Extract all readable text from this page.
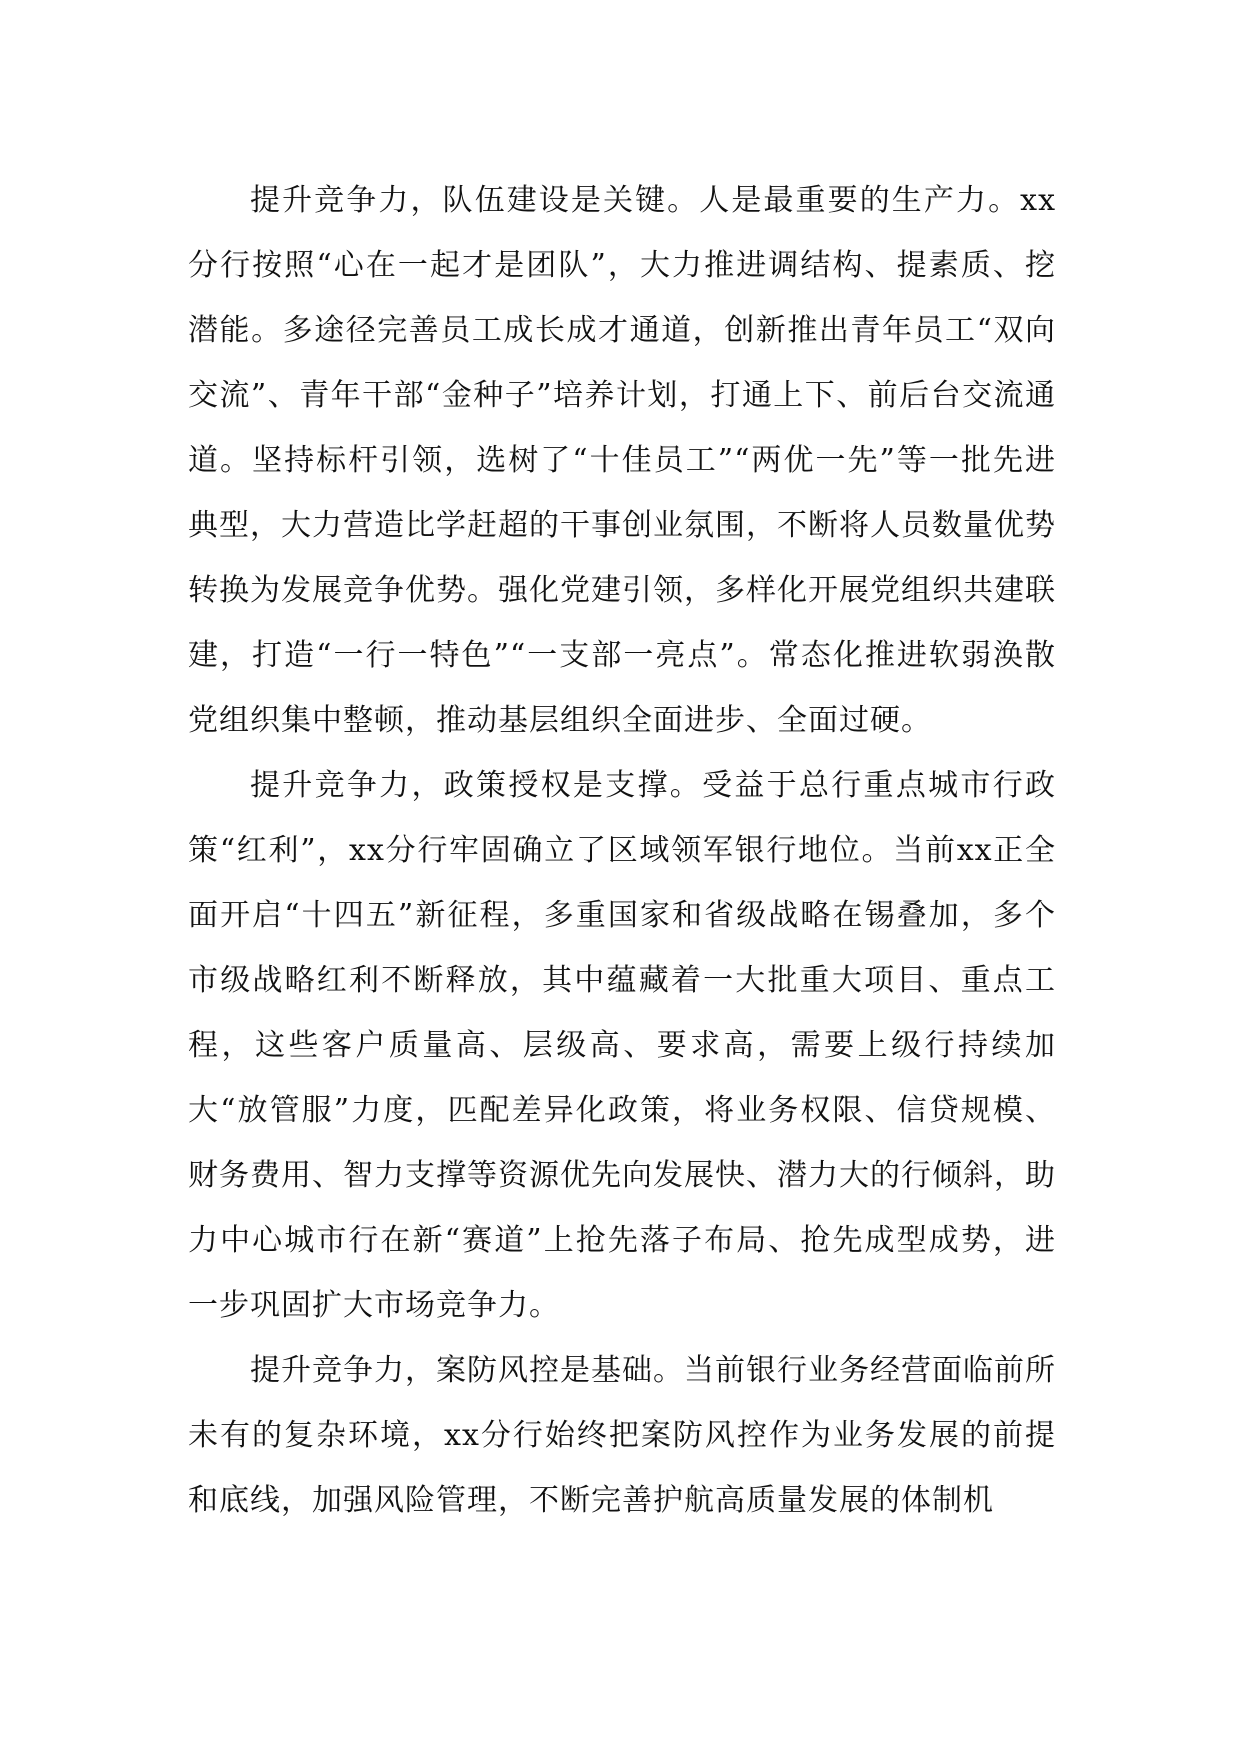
提升竞争力，队伍建设是关键。人是最重要的生产力。xx分行按照“心在一起才是团队”，大力推进调结构、提素质、挖潜能。多途径完善员工成长成才通道，创新推出青年员工“双向交流”、青年干部“金种子”培养计划，打通上下、前后台交流通道。坚持标杆引领，选树了“十佳员工”“两优一先”等一批先进典型，大力营造比学赶超的干事创业氛围，不断将人员数量优势转换为发展竞争优势。强化党建引领，多样化开展党组织共建联建，打造“一行一特色”“一支部一亮点”。常态化推进软弱涣散党组织集中整顿，推动基层组织全面进步、全面过硬。

提升竞争力，政策授权是支撑。受益于总行重点城市行政策“红利”，xx分行牢固确立了区域领军银行地位。当前xx正全面开启“十四五”新征程，多重国家和省级战略在锡叠加，多个市级战略红利不断释放，其中蕴藏着一大批重大项目、重点工程，这些客户质量高、层级高、要求高，需要上级行持续加大“放管服”力度，匹配差异化政策，将业务权限、信贷规模、财务费用、智力支撑等资源优先向发展快、潜力大的行倾斜，助力中心城市行在新“赛道”上抢先落子布局、抢先成型成势，进一步巩固扩大市场竞争力。

提升竞争力，案防风控是基础。当前银行业务经营面临前所未有的复杂环境，xx分行始终把案防风控作为业务发展的前提和底线，加强风险管理，不断完善护航高质量发展的体制机
